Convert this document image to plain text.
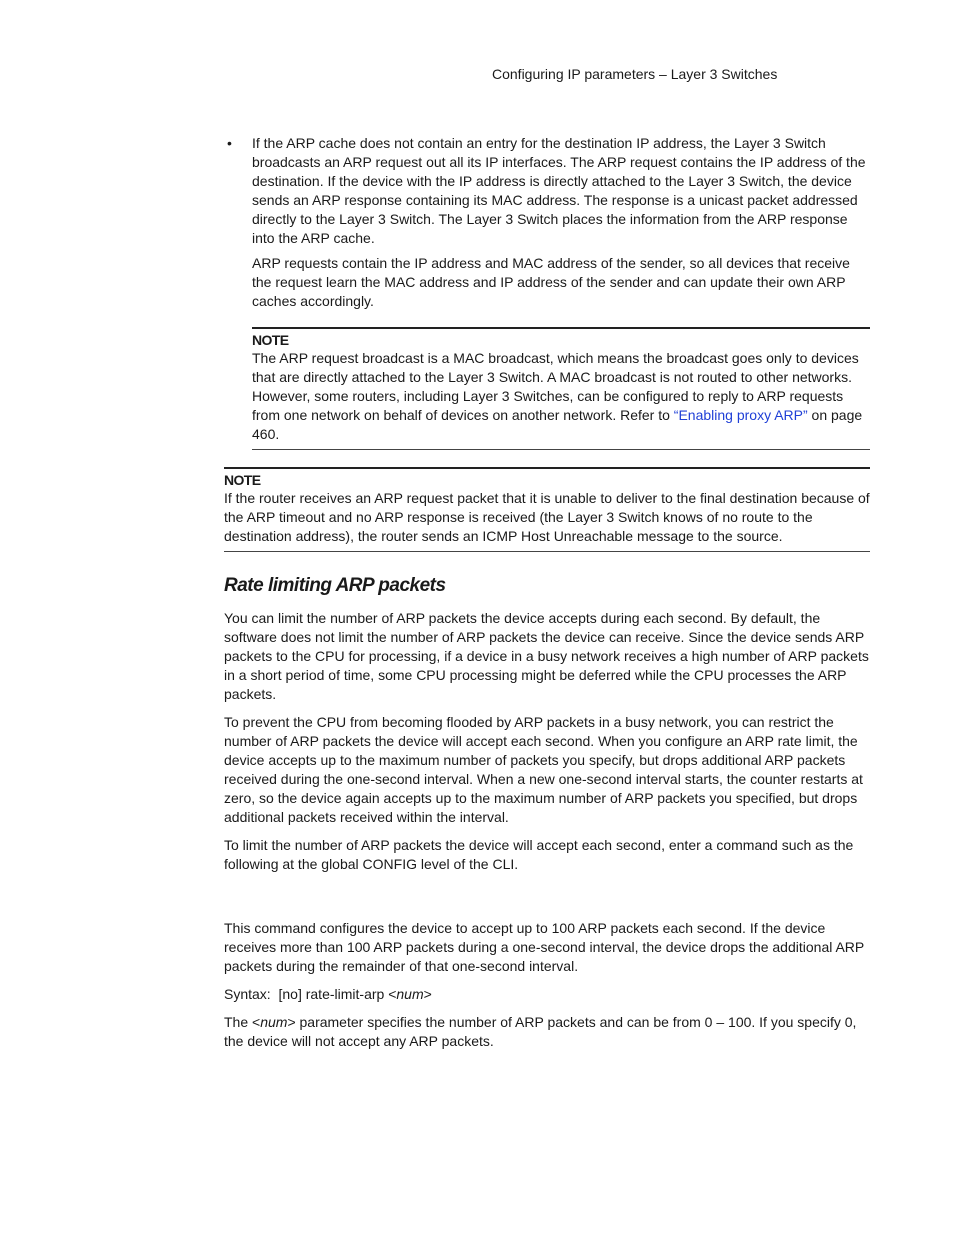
Configuring IP parameters – Layer 3 Switches
• If the ARP cache does not contain an entry for the destination IP address, the Layer 3 Switch broadcasts an ARP request out all its IP interfaces. The ARP request contains the IP address of the destination. If the device with the IP address is directly attached to the Layer 3 Switch, the device sends an ARP response containing its MAC address. The response is a unicast packet addressed directly to the Layer 3 Switch. The Layer 3 Switch places the information from the ARP response into the ARP cache.

ARP requests contain the IP address and MAC address of the sender, so all devices that receive the request learn the MAC address and IP address of the sender and can update their own ARP caches accordingly.

NOTE

The ARP request broadcast is a MAC broadcast, which means the broadcast goes only to devices that are directly attached to the Layer 3 Switch. A MAC broadcast is not routed to other networks. However, some routers, including Layer 3 Switches, can be configured to reply to ARP requests from one network on behalf of devices on another network. Refer to “Enabling proxy ARP” on page 460.

NOTE

If the router receives an ARP request packet that it is unable to deliver to the final destination because of the ARP timeout and no ARP response is received (the Layer 3 Switch knows of no route to the destination address), the router sends an ICMP Host Unreachable message to the source.

Rate limiting ARP packets

You can limit the number of ARP packets the device accepts during each second. By default, the software does not limit the number of ARP packets the device can receive. Since the device sends ARP packets to the CPU for processing, if a device in a busy network receives a high number of ARP packets in a short period of time, some CPU processing might be deferred while the CPU processes the ARP packets.

To prevent the CPU from becoming flooded by ARP packets in a busy network, you can restrict the number of ARP packets the device will accept each second. When you configure an ARP rate limit, the device accepts up to the maximum number of packets you specify, but drops additional ARP packets received during the one-second interval. When a new one-second interval starts, the counter restarts at zero, so the device again accepts up to the maximum number of ARP packets you specified, but drops additional packets received within the interval.

To limit the number of ARP packets the device will accept each second, enter a command such as the following at the global CONFIG level of the CLI.

This command configures the device to accept up to 100 ARP packets each second. If the device receives more than 100 ARP packets during a one-second interval, the device drops the additional ARP packets during the remainder of that one-second interval.

Syntax: [no] rate-limit-arp <num>

The <num> parameter specifies the number of ARP packets and can be from 0 – 100. If you specify 0, the device will not accept any ARP packets.
